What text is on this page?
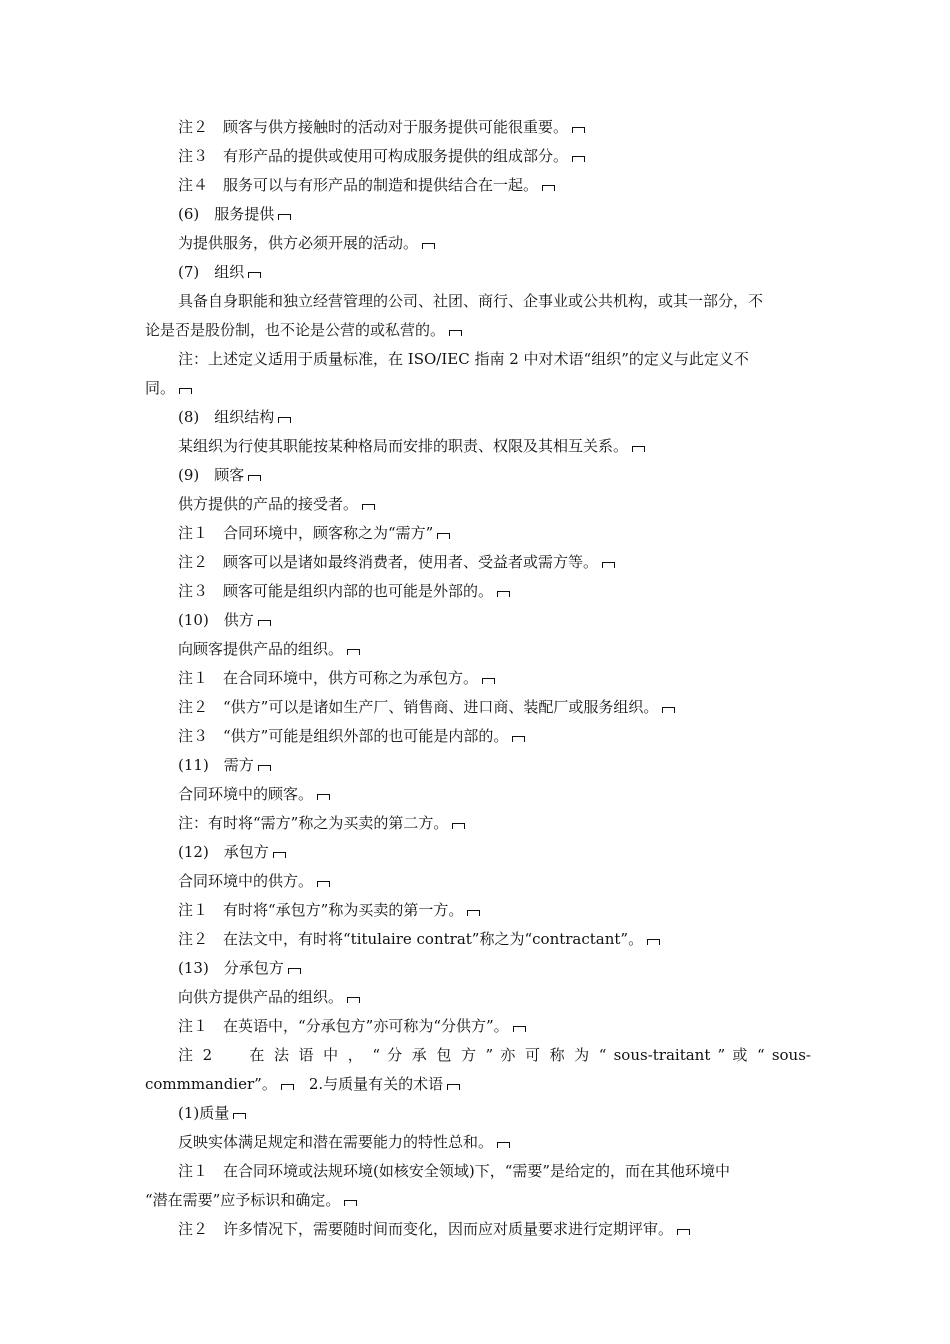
注２　顾客与供方接触时的活动对于服务提供可能很重要。
注３　有形产品的提供或使用可构成服务提供的组成部分。
注４　服务可以与有形产品的制造和提供结合在一起。
(6)　服务提供
为提供服务，供方必须开展的活动。
(7)　组织
具备自身职能和独立经营管理的公司、社团、商行、企事业或公共机构，或其一部分，不
论是否是股份制，也不论是公营的或私营的。
注：上述定义适用于质量标准，在 ISO/IEC 指南 2 中对术语“组织”的定义与此定义不
同。
(8)　组织结构
某组织为行使其职能按某种格局而安排的职责、权限及其相互关系。
(9)　顾客
供方提供的产品的接受者。
注１　合同环境中，顾客称之为“需方”
注２　顾客可以是诸如最终消费者，使用者、受益者或需方等。
注３　顾客可能是组织内部的也可能是外部的。
(10)　供方
向顾客提供产品的组织。
注１　在合同环境中，供方可称之为承包方。
注２　“供方”可以是诸如生产厂、销售商、进口商、装配厂或服务组织。
注３　“供方”可能是组织外部的也可能是内部的。
(11)　需方
合同环境中的顾客。
注：有时将“需方”称之为买卖的第二方。
(12)　承包方
合同环境中的供方。
注１　有时将“承包方”称为买卖的第一方。
注２　在法文中，有时将“titulaire contrat”称之为“contractant”。
(13)　分承包方
向供方提供产品的组织。
注１　在英语中，“分承包方”亦可称为“分供方”。
注 2　　在 法 语 中 ， “ 分 承 包 方 ” 亦 可 称 为 “ sous-traitant ” 或 “ sous-
commmandier”。　2.与质量有关的术语
(1)质量
反映实体满足规定和潜在需要能力的特性总和。
注１　在合同环境或法规环境(如核安全领域)下，“需要”是给定的，而在其他环境中
“潜在需要”应予标识和确定。
注２　许多情况下，需要随时间而变化，因而应对质量要求进行定期评审。
